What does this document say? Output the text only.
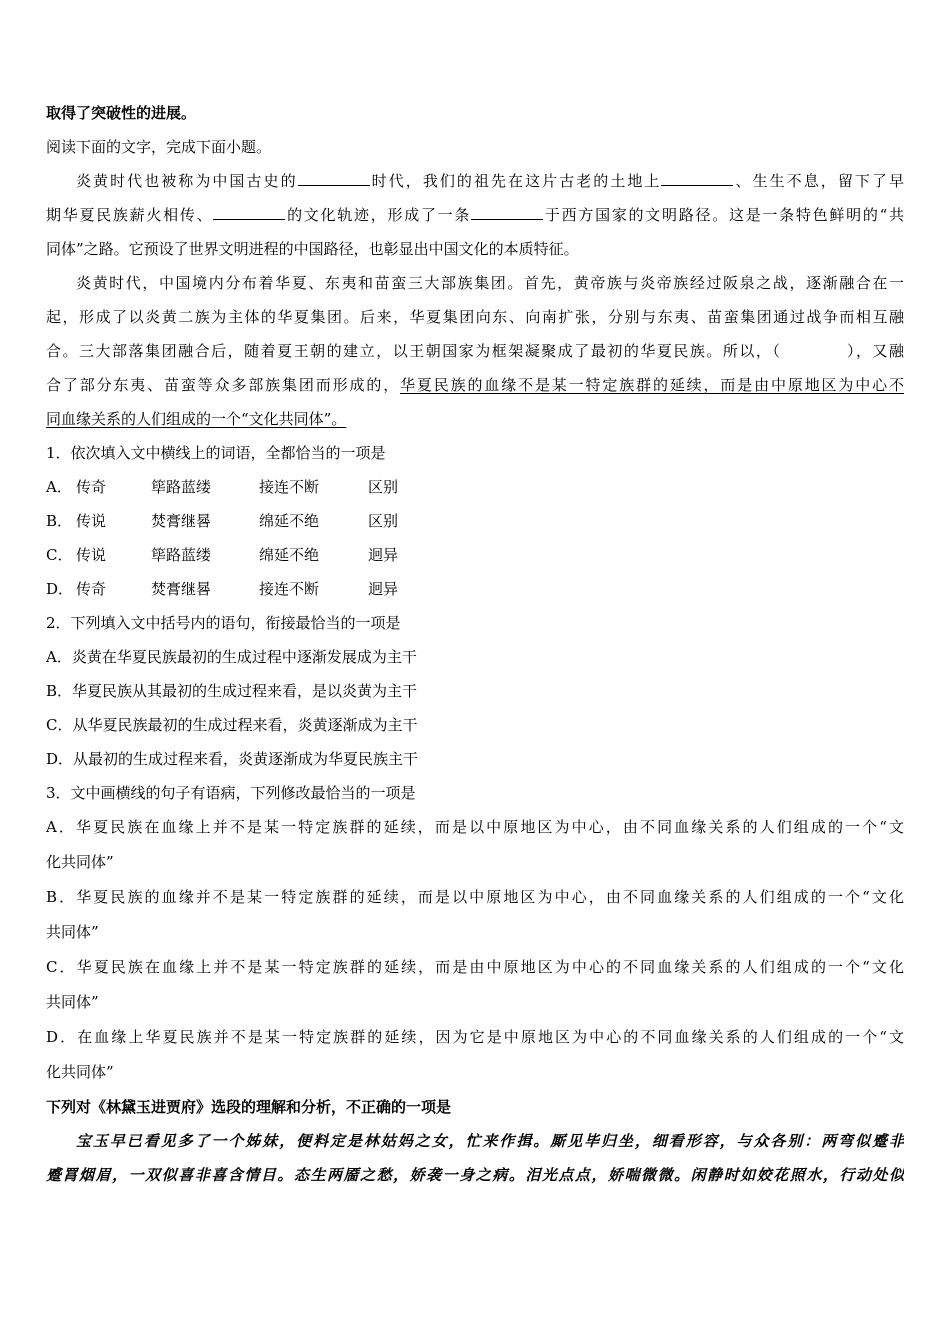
取得了突破性的进展。
阅读下面的文字，完成下面小题。
炎黄时代也被称为中国古史的	时代，我们的祖先在这片古老的土地上	、生生不息，留下了早
期华夏民族薪火相传、	的文化轨迹，形成了一条	于西方国家的文明路径。这是一条特色鲜明的“共
同体”之路。它预设了世界文明进程的中国路径，也彰显出中国文化的本质特征。
炎黄时代，中国境内分布着华夏、东夷和苗蛮三大部族集团。首先，黄帝族与炎帝族经过阪泉之战，逐渐融合在一
起，形成了以炎黄二族为主体的华夏集团。后来，华夏集团向东、向南扩张，分别与东夷、苗蛮集团通过战争而相互融
合。三大部落集团融合后，随着夏王朝的建立，以王朝国家为框架凝聚成了最初的华夏民族。所以，（	），又融
合了部分东夷、苗蛮等众多部族集团而形成的，华夏民族的血缘不是某一特定族群的延续，而是由中原地区为中心不
同血缘关系的人们组成的一个“文化共同体”。
1．依次填入文中横线上的词语，全都恰当的一项是
A． 传奇	筚路蓝缕	接连不断	区别
B． 传说	焚膏继晷	绵延不绝	区别
C． 传说	筚路蓝缕	绵延不绝	迥异
D． 传奇	焚膏继晷	接连不断	迥异
2．下列填入文中括号内的语句，衔接最恰当的一项是
A．炎黄在华夏民族最初的生成过程中逐渐发展成为主干
B．华夏民族从其最初的生成过程来看，是以炎黄为主干
C．从华夏民族最初的生成过程来看，炎黄逐渐成为主干
D．从最初的生成过程来看，炎黄逐渐成为华夏民族主干
3．文中画横线的句子有语病，下列修改最恰当的一项是
A．华夏民族在血缘上并不是某一特定族群的延续，而是以中原地区为中心，由不同血缘关系的人们组成的一个“文
化共同体”
B．华夏民族的血缘并不是某一特定族群的延续，而是以中原地区为中心，由不同血缘关系的人们组成的一个“文化
共同体”
C．华夏民族在血缘上并不是某一特定族群的延续，而是由中原地区为中心的不同血缘关系的人们组成的一个“文化
共同体”
D．在血缘上华夏民族并不是某一特定族群的延续，因为它是中原地区为中心的不同血缘关系的人们组成的一个“文
化共同体”
下列对《林黛玉进贾府》选段的理解和分析，不正确的一项是
宝玉早已看见多了一个姊妹，便料定是林姑妈之女，忙来作揖。厮见毕归坐，细看形容，与众各别：两弯似蹙非
蹙罥烟眉，一双似喜非喜含情目。态生两靥之愁，娇袭一身之病。泪光点点，娇喘微微。闲静时如姣花照水，行动处似
